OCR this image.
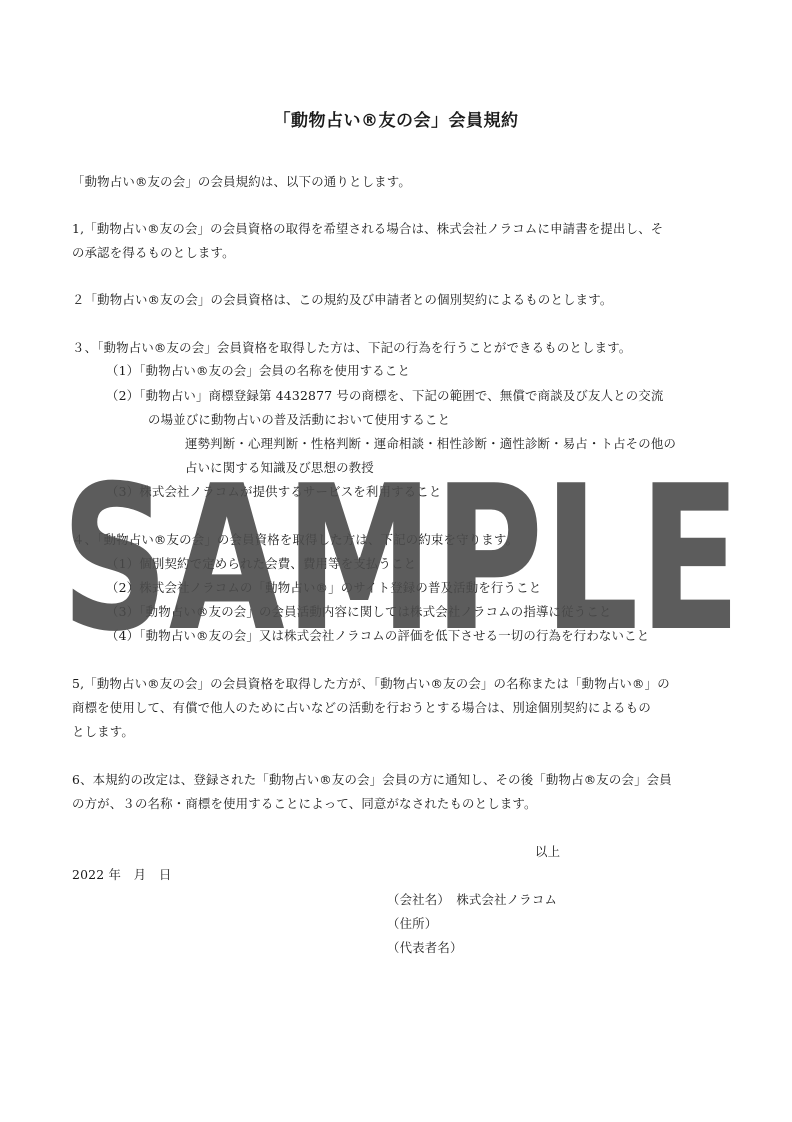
「動物占い®友の会」会員規約
「動物占い®友の会」の会員規約は、以下の通りとします。
1,「動物占い®友の会」の会員資格の取得を希望される場合は、株式会社ノラコムに申請書を提出し、そ
の承認を得るものとします。
２「動物占い®友の会」の会員資格は、この規約及び申請者との個別契約によるものとします。
３、「動物占い®友の会」会員資格を取得した方は、下記の行為を行うことができるものとします。
（1）「動物占い®友の会」会員の名称を使用すること
（2）「動物占い」商標登録第 4432877 号の商標を、下記の範囲で、無償で商談及び友人との交流
の場並びに動物占いの普及活動において使用すること
運勢判断・心理判断・性格判断・運命相談・相性診断・適性診断・易占・ト占その他の
占いに関する知識及び思想の教授
（3）株式会社ノラコムが提供するサービスを利用すること
４、「動物占い®友の会」の会員資格を取得した方は、下記の約束を守ります。
（1）個別契約で定められた会費、費用等を支払うこと
（2）株式会社ノラコムの「動物占い®」のサイト登録の普及活動を行うこと
（3）「動物占い®友の会」の会員活動内容に関しては株式会社ノラコムの指導に従うこと
（4）「動物占い®友の会」又は株式会社ノラコムの評価を低下させる一切の行為を行わないこと
5,「動物占い®友の会」の会員資格を取得した方が、「動物占い®友の会」の名称または「動物占い®」の
商標を使用して、有償で他人のために占いなどの活動を行おうとする場合は、別途個別契約によるもの
とします。
6、本規約の改定は、登録された「動物占い®友の会」会員の方に通知し、その後「動物占®友の会」会員
の方が、３の名称・商標を使用することによって、同意がなされたものとします。
以上
2022 年　月　日
（会社名）　株式会社ノラコム
（住所）
（代表者名）
SAMPLE
